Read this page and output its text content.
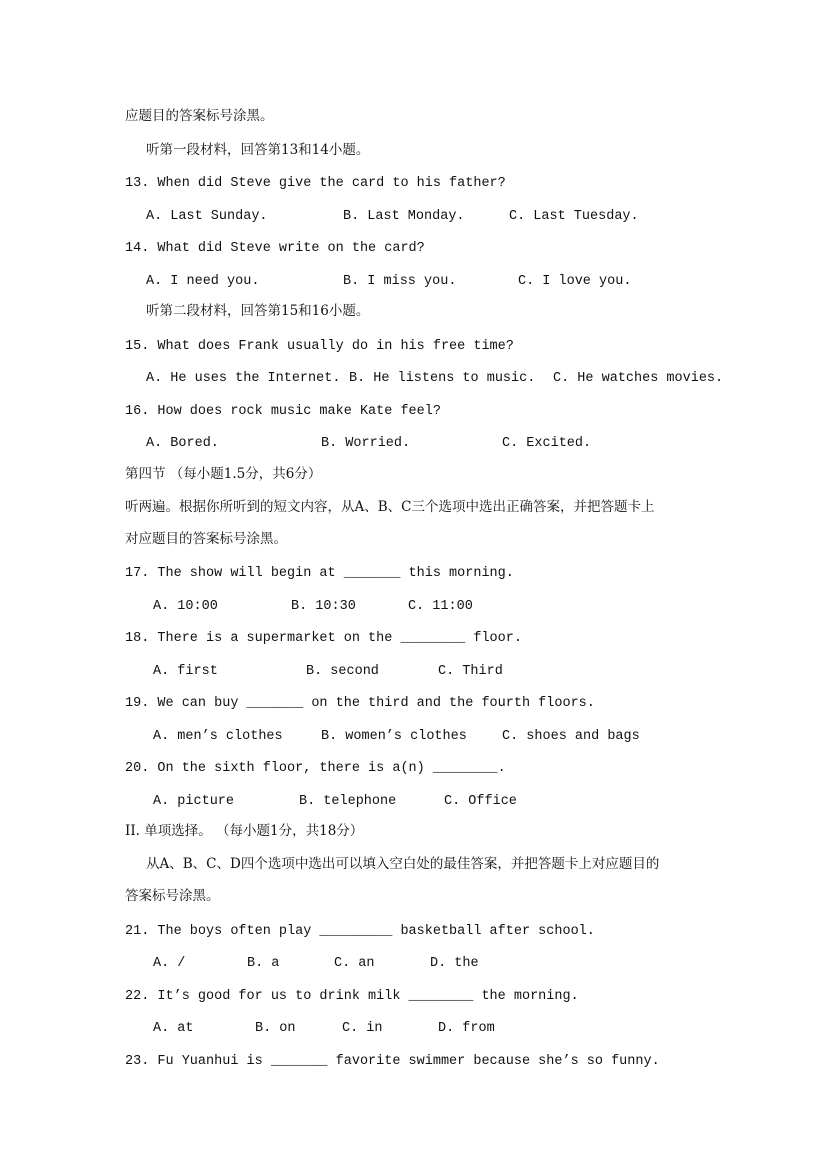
应题目的答案标号涂黑。
听第一段材料，回答第13和14小题。
13. When did Steve give the card to his father?
A. Last Sunday.	B. Last Monday.	C. Last Tuesday.
14. What did Steve write on the card?
A. I need you.	B. I miss you.	C. I love you.
听第二段材料，回答第15和16小题。
15. What does Frank usually do in his free time?
A. He uses the Internet. B. He listens to music. C. He watches movies.
16. How does rock music make Kate feel?
A. Bored.	B. Worried.	C. Excited.
第四节 （每小题1.5分，共6分）
听两遍。根据你所听到的短文内容，从A、B、C三个选项中选出正确答案，并把答题卡上
对应题目的答案标号涂黑。
17. The show will begin at _______ this morning.
A. 10:00	B. 10:30	C. 11:00
18. There is a supermarket on the ________ floor.
A. first	B. second	C. Third
19. We can buy _______ on the third and the fourth floors.
A. men’s clothes	B. women’s clothes	C. shoes and bags
20. On the sixth floor, there is a(n) ________.
A. picture	B. telephone	C. Office
II. 单项选择。 （每小题1分，共18分）
从A、B、C、D四个选项中选出可以填入空白处的最佳答案，并把答题卡上对应题目的
答案标号涂黑。
21. The boys often play _________ basketball after school.
A. /	B. a	C. an	D. the
22. It’s good for us to drink milk ________ the morning.
A. at	B. on	C. in	D. from
23. Fu Yuanhui is _______ favorite swimmer because she’s so funny.
